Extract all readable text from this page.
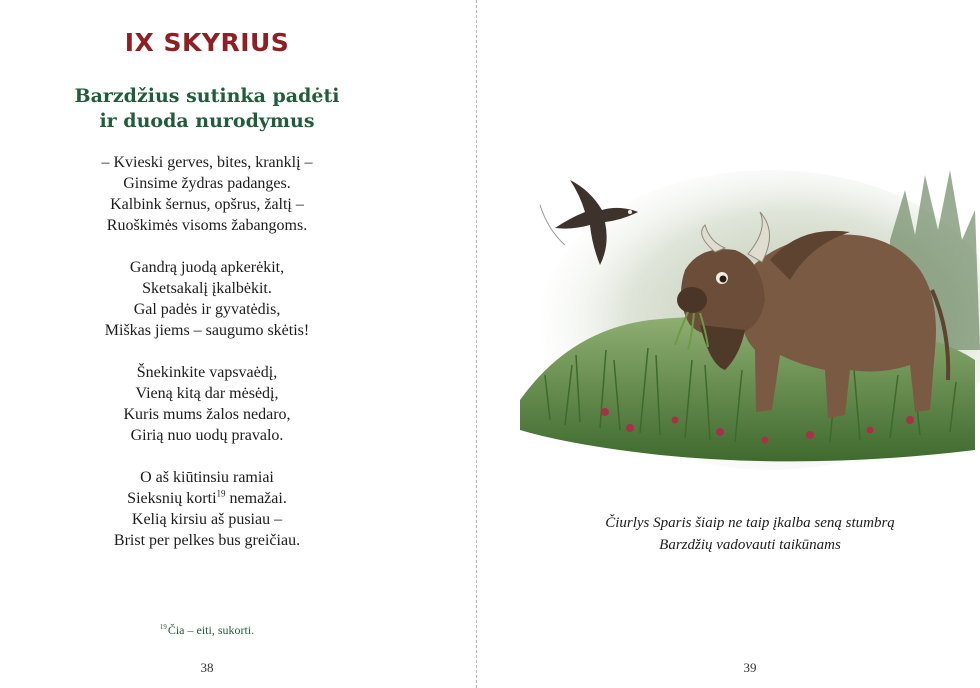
IX SKYRIUS
Barzdžius sutinka padėti
ir duoda nurodymus
– Kvieski gerves, bites, kranklį –
Ginsime žydras padanges.
Kalbink šernus, opšrus, žaltį –
Ruoškimės visoms žabangoms.
Gandrą juodą apkerėkit,
Sketsakalį įkalbėkit.
Gal padės ir gyvatėdis,
Miškas jiems – saugumo skėtis!
Šnekinkite vapsvaėdį,
Vieną kitą dar mėsėdį,
Kuris mums žalos nedaro,
Girią nuo uodų pravalo.
O aš kiūtinsiu ramiai
Sieksnių korti$^{19}$ nemažai.
Kelią kirsiu aš pusiau –
Brist per pelkes bus greičiau.
$^{19}$Čia – eiti, sukorti.
38
Čiurlys Sparis šiaip ne taip įkalba seną stumbrą
Barzdžių vadovauti taikūnams
39
